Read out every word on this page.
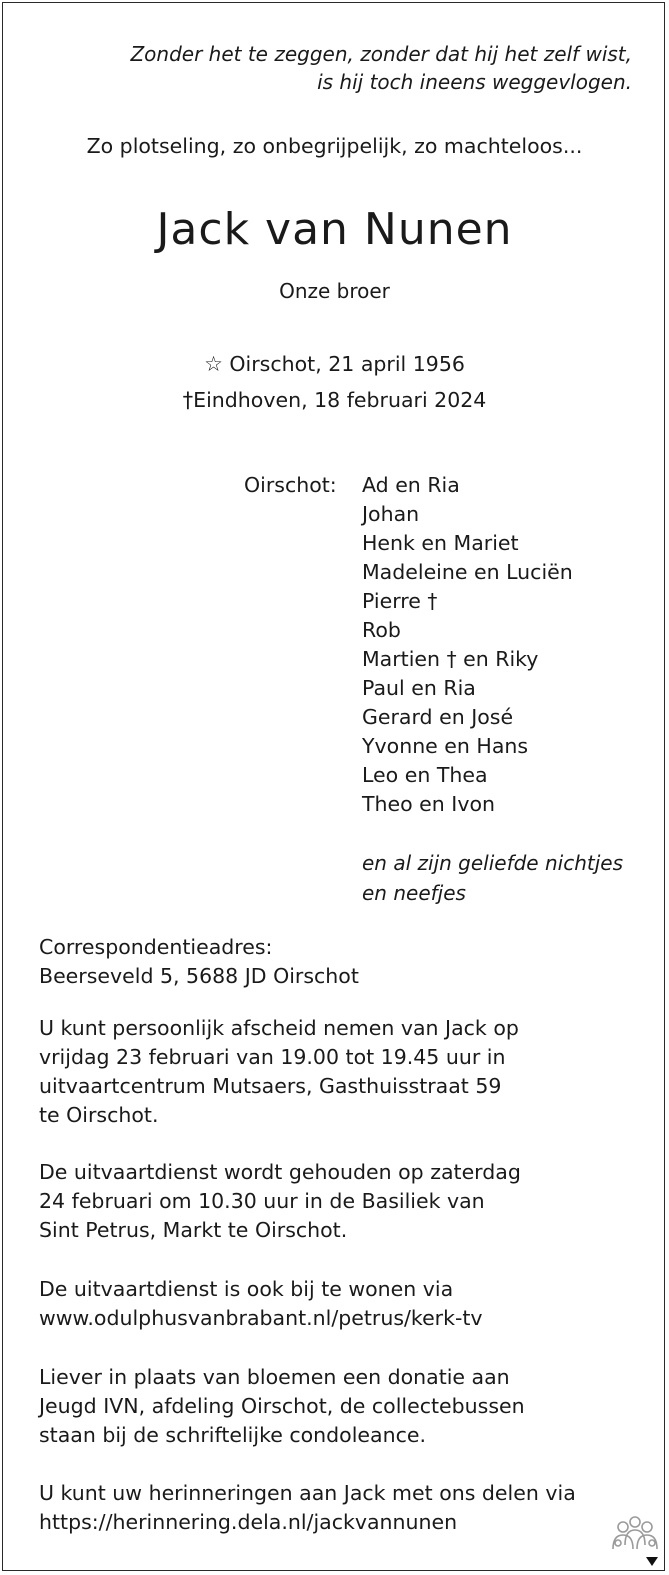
Zonder het te zeggen, zonder dat hij het zelf wist,
is hij toch ineens weggevlogen.
Zo plotseling, zo onbegrijpelijk, zo machteloos...
Jack van Nunen
Onze broer
☆ Oirschot, 21 april 1956
†Eindhoven, 18 februari 2024
Oirschot: Ad en Ria
Johan
Henk en Mariet
Madeleine en Luciën
Pierre †
Rob
Martien † en Riky
Paul en Ria
Gerard en José
Yvonne en Hans
Leo en Thea
Theo en Ivon
en al zijn geliefde nichtjes
en neefjes
Correspondentieadres:
Beerseveld 5, 5688 JD Oirschot
U kunt persoonlijk afscheid nemen van Jack op
vrijdag 23 februari van 19.00 tot 19.45 uur in
uitvaartcentrum Mutsaers, Gasthuisstraat 59
te Oirschot.
De uitvaartdienst wordt gehouden op zaterdag
24 februari om 10.30 uur in de Basiliek van
Sint Petrus, Markt te Oirschot.
De uitvaartdienst is ook bij te wonen via
www.odulphusvanbrabant.nl/petrus/kerk-tv
Liever in plaats van bloemen een donatie aan
Jeugd IVN, afdeling Oirschot, de collectebussen
staan bij de schriftelijke condoleance.
U kunt uw herinneringen aan Jack met ons delen via
https://herinnering.dela.nl/jackvannunen
